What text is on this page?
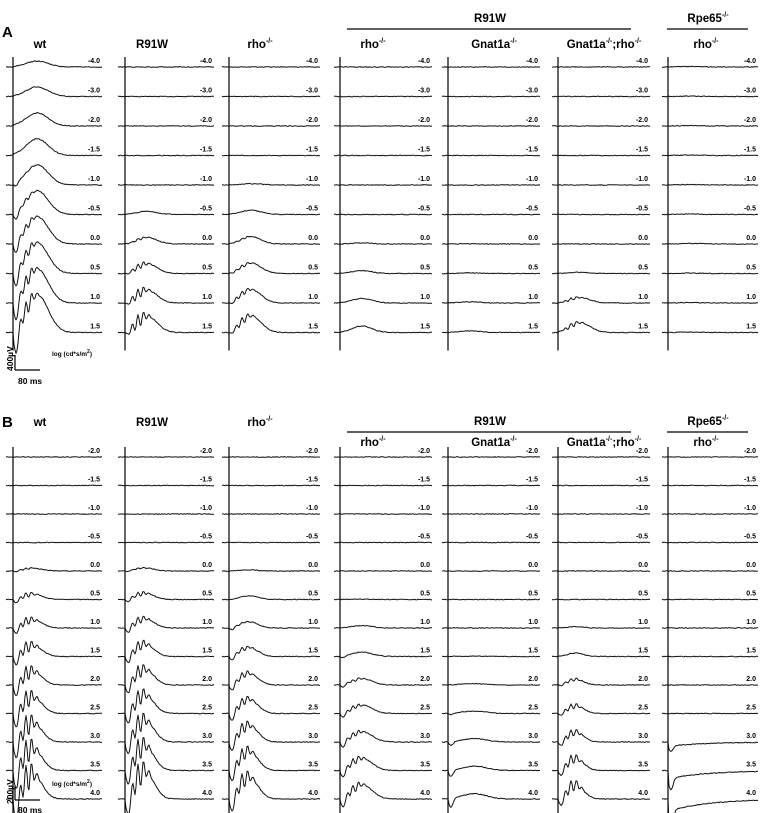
A
wt	R91W	rho-/-
R91W	Rpe65-/-
rho-/-	Gnat1a-/-	Gnat1a-/-;rho-/-	rho-/-
-4.0
-3.0
-2.0
-1.5
-1.0
-0.5
0.0
0.5
1.0
1.5
-4.0
-3.0
-2.0
-1.5
-1.0
-0.5
0.0
0.5
1.0
1.5
-4.0
-3.0
-2.0
-1.5
-1.0
-0.5
0.0
0.5
1.0
1.5
-4.0
-3.0
-2.0
-1.5
-1.0
-0.5
0.0
0.5
1.0
1.5
-4.0
-3.0
-2.0
-1.5
-1.0
-0.5
0.0
0.5
1.0
1.5
-4.0
-3.0
-2.0
-1.5
-1.0
-0.5
0.0
0.5
1.0
1.5
-4.0
-3.0
-2.0
-1.5
-1.0
-0.5
0.0
0.5
1.0
1.5
400µV
80 ms
$\log (cd*s/m^2)$
B wt	R91W	rho-/-	R91W	Rpe65-/-
rho-/-	Gnat1a-/-	Gnat1a-/-;rho-/-	rho-/-
-2.0
-1.5
-1.0
-0.5
0.0
0.5
1.0
1.5
2.0
2.5
3.0
3.5
4.0
-2.0
-1.5
-1.0
-0.5
0.0
0.5
1.0
1.5
2.0
2.5
3.0
3.5
4.0
-2.0
-1.5
-1.0
-0.5
0.0
0.5
1.0
1.5
2.0
2.5
3.0
3.5
4.0
-2.0
-1.5
-1.0
-0.5
0.0
0.5
1.0
1.5
2.0
2.5
3.0
3.5
4.0
-2.0
-1.5
-1.0
-0.5
0.0
0.5
1.0
1.5
2.0
2.5
3.0
3.5
4.0
-2.0
-1.5
-1.0
-0.5
0.0
0.5
1.0
1.5
2.0
2.5
3.0
3.5
4.0
-2.0
-1.5
-1.0
-0.5
0.0
0.5
1.0
1.5
2.0
2.5
3.0
3.5
4.0
200µV
80 ms
$\log (cd*s/m^2)$
